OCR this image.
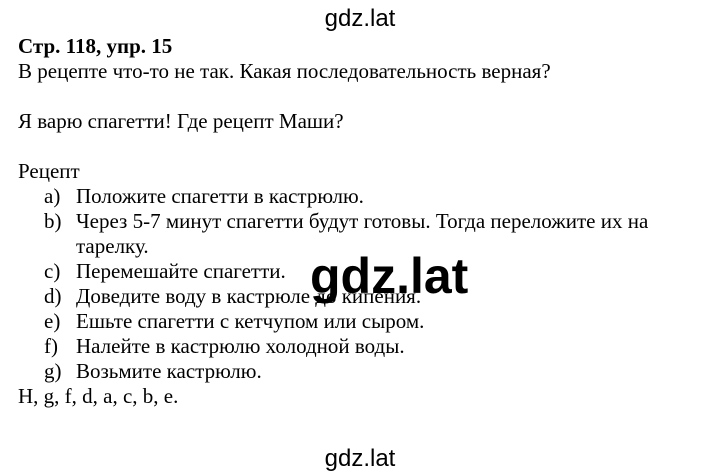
gdz.lat

Стр. 118, упр. 15

В рецепте что-то не так. Какая последовательность верная?

Я варю спагетти! Где рецепт Маши?

Рецепт

a) Положите спагетти в кастрюлю.
b) Через 5-7 минут спагетти будут готовы. Тогда переложите их на тарелку.
c) Перемешайте спагетти.
d) Доведите воду в кастрюле до кипения.
e) Ешьте спагетти с кетчупом или сыром.
f) Налейте в кастрюлю холодной воды.
g) Возьмите кастрюлю.

H, g, f, d, a, c, b, e.

gdz.lat
gdz.lat
